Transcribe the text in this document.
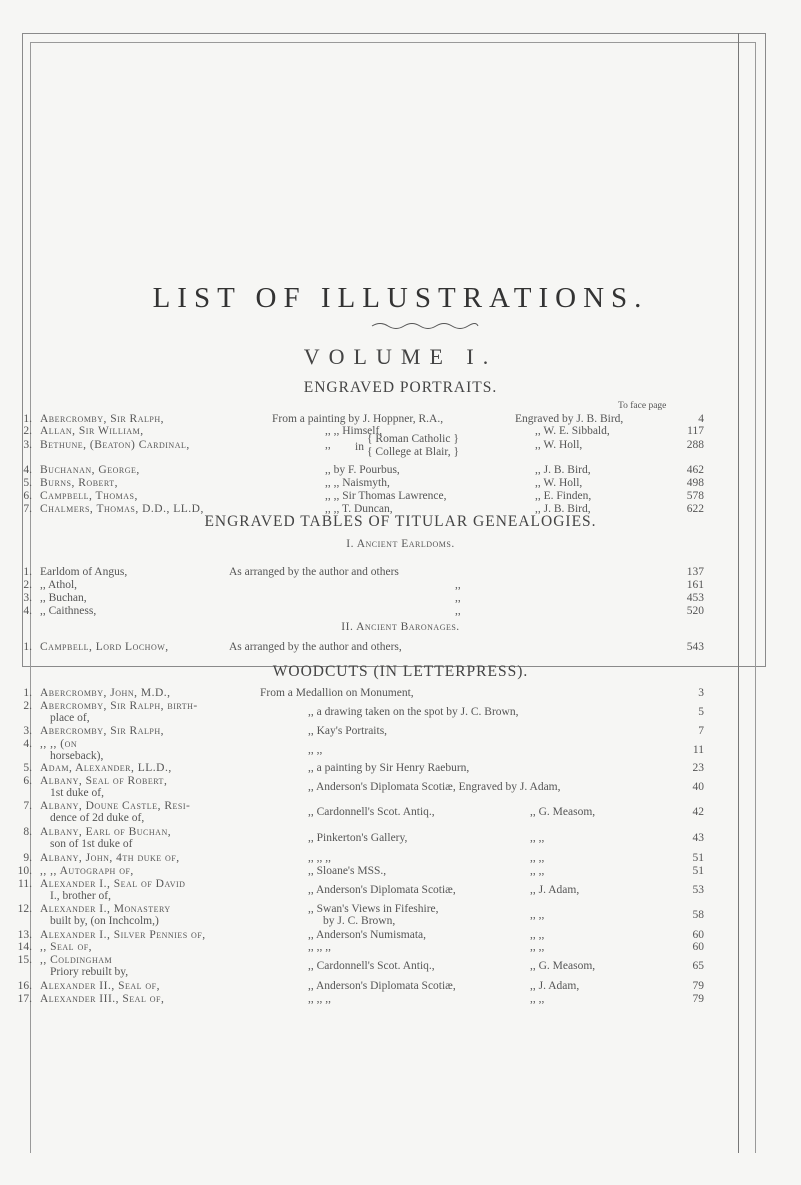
LIST OF ILLUSTRATIONS.
VOLUME I.
ENGRAVED PORTRAITS.
To face page
1. Abercromby, Sir Ralph,	From a painting by J. Hoppner, R.A.,	Engraved by J. B. Bird,	4
2. Allan, Sir William,	,, ,, Himself,	,, W. E. Sibbald,	117
3. Bethune, (Beaton) Cardinal,	,, in
{ Roman Catholic }
{ College at Blair, }
,, W. Holl,	288
4. Buchanan, George,	,, by F. Pourbus,	,, J. B. Bird,	462
5. Burns, Robert,	,, ,, Naismyth,	,, W. Holl,	498
6. Campbell, Thomas,	,, ,, Sir Thomas Lawrence,	,, E. Finden,	578
7. Chalmers, Thomas, D.D., LL.D,	,, ,, T. Duncan,	,, J. B. Bird,	622
ENGRAVED TABLES OF TITULAR GENEALOGIES.
I. Ancient Earldoms.
1. Earldom of Angus,	As arranged by the author and others	137
2. ,, Athol,	,,	161
3. ,, Buchan,	,,	453
4. ,, Caithness,	,,	520
II. Ancient Baronages.
1. Campbell, Lord Lochow,	As arranged by the author and others,	543
WOODCUTS (IN LETTERPRESS).
1. Abercromby, John, M.D.,	From a Medallion on Monument,	3
2. Abercromby, Sir Ralph, birth-
place of,	,, a drawing taken on the spot by J. C. Brown,	5
3. Abercromby, Sir Ralph,	,, Kay's Portraits,	7
4. ,, ,, (on
horseback),	,, ,,	11
5. Adam, Alexander, LL.D.,	,, a painting by Sir Henry Raeburn,	23
6. Albany, Seal of Robert,
1st duke of,	,, Anderson's Diplomata Scotiæ, Engraved by J. Adam,	40
7. Albany, Doune Castle, Resi-
dence of 2d duke of,	,, Cardonnell's Scot. Antiq.,	,, G. Measom,	42
8. Albany, Earl of Buchan,
son of 1st duke of	,, Pinkerton's Gallery,	,, ,,	43
9. Albany, John, 4th duke of,	,, ,, ,,	,, ,,	51
10. ,, ,, Autograph of,	,, Sloane's MSS.,	,, ,,	51
11. Alexander I., Seal of David
I., brother of,	,, Anderson's Diplomata Scotiæ,	,, J. Adam,	53
12. Alexander I., Monastery
built by, (on Inchcolm,)
,, Swan's Views in Fifeshire,
by J. C. Brown,	,, ,,	58
13. Alexander I., Silver Pennies of,	,, Anderson's Numismata,	,, ,,	60
14. ,, Seal of,	,, ,, ,,	,, ,,	60
15. ,, Coldingham
Priory rebuilt by,	,, Cardonnell's Scot. Antiq.,	,, G. Measom,	65
16. Alexander II., Seal of,	,, Anderson's Diplomata Scotiæ,	,, J. Adam,	79
17. Alexander III., Seal of,	,, ,, ,,	,, ,,	79
